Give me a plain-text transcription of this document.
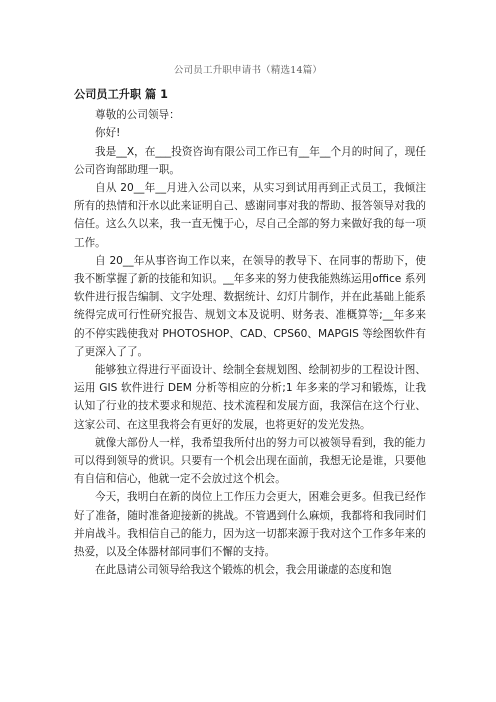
公司员工升职申请书（精选14篇）
公司员工升职 篇 1

尊敬的公司领导：

你好!

我是__X，在___投资咨询有限公司工作已有__年__个月的时间了，现任公司咨询部助理一职。

自从 20__年__月进入公司以来，从实习到试用再到正式员工，我倾注所有的热情和汗水以此来证明自己、感谢同事对我的帮助、报答领导对我的信任。这么久以来，我一直无愧于心，尽自己全部的努力来做好我的每一项工作。

自 20__年从事咨询工作以来，在领导的教导下、在同事的帮助下，使我不断掌握了新的技能和知识。__年多来的努力使我能熟练运用office 系列软件进行报告编制、文字处理、数据统计、幻灯片制作，并在此基础上能系统得完成可行性研究报告、规划文本及说明、财务表、准概算等;__年多来的不停实践使我对 PHOTOSHOP、CAD、CPS60、MAPGIS 等绘图软件有了更深入了了。

能够独立得进行平面设计、绘制全套规划图、绘制初步的工程设计图、运用 GIS 软件进行 DEM 分析等相应的分析;1 年多来的学习和锻炼，让我认知了行业的技术要求和规范、技术流程和发展方面，我深信在这个行业、这家公司、在这里我将会有更好的发展，也将更好的发光发热。

就像大部份人一样，我希望我所付出的努力可以被领导看到，我的能力可以得到领导的赏识。只要有一个机会出现在面前，我想无论是谁，只要他有自信和信心，他就一定不会放过这个机会。

今天，我明白在新的岗位上工作压力会更大，困难会更多。但我已经作好了准备，随时准备迎接新的挑战。不管遇到什么麻烦，我都将和我同时们并肩战斗。我相信自己的能力，因为这一切都来源于我对这个工作多年来的热爱，以及全体器材部同事们不懈的支持。

在此恳请公司领导给我这个锻炼的机会，我会用谦虚的态度和饱
